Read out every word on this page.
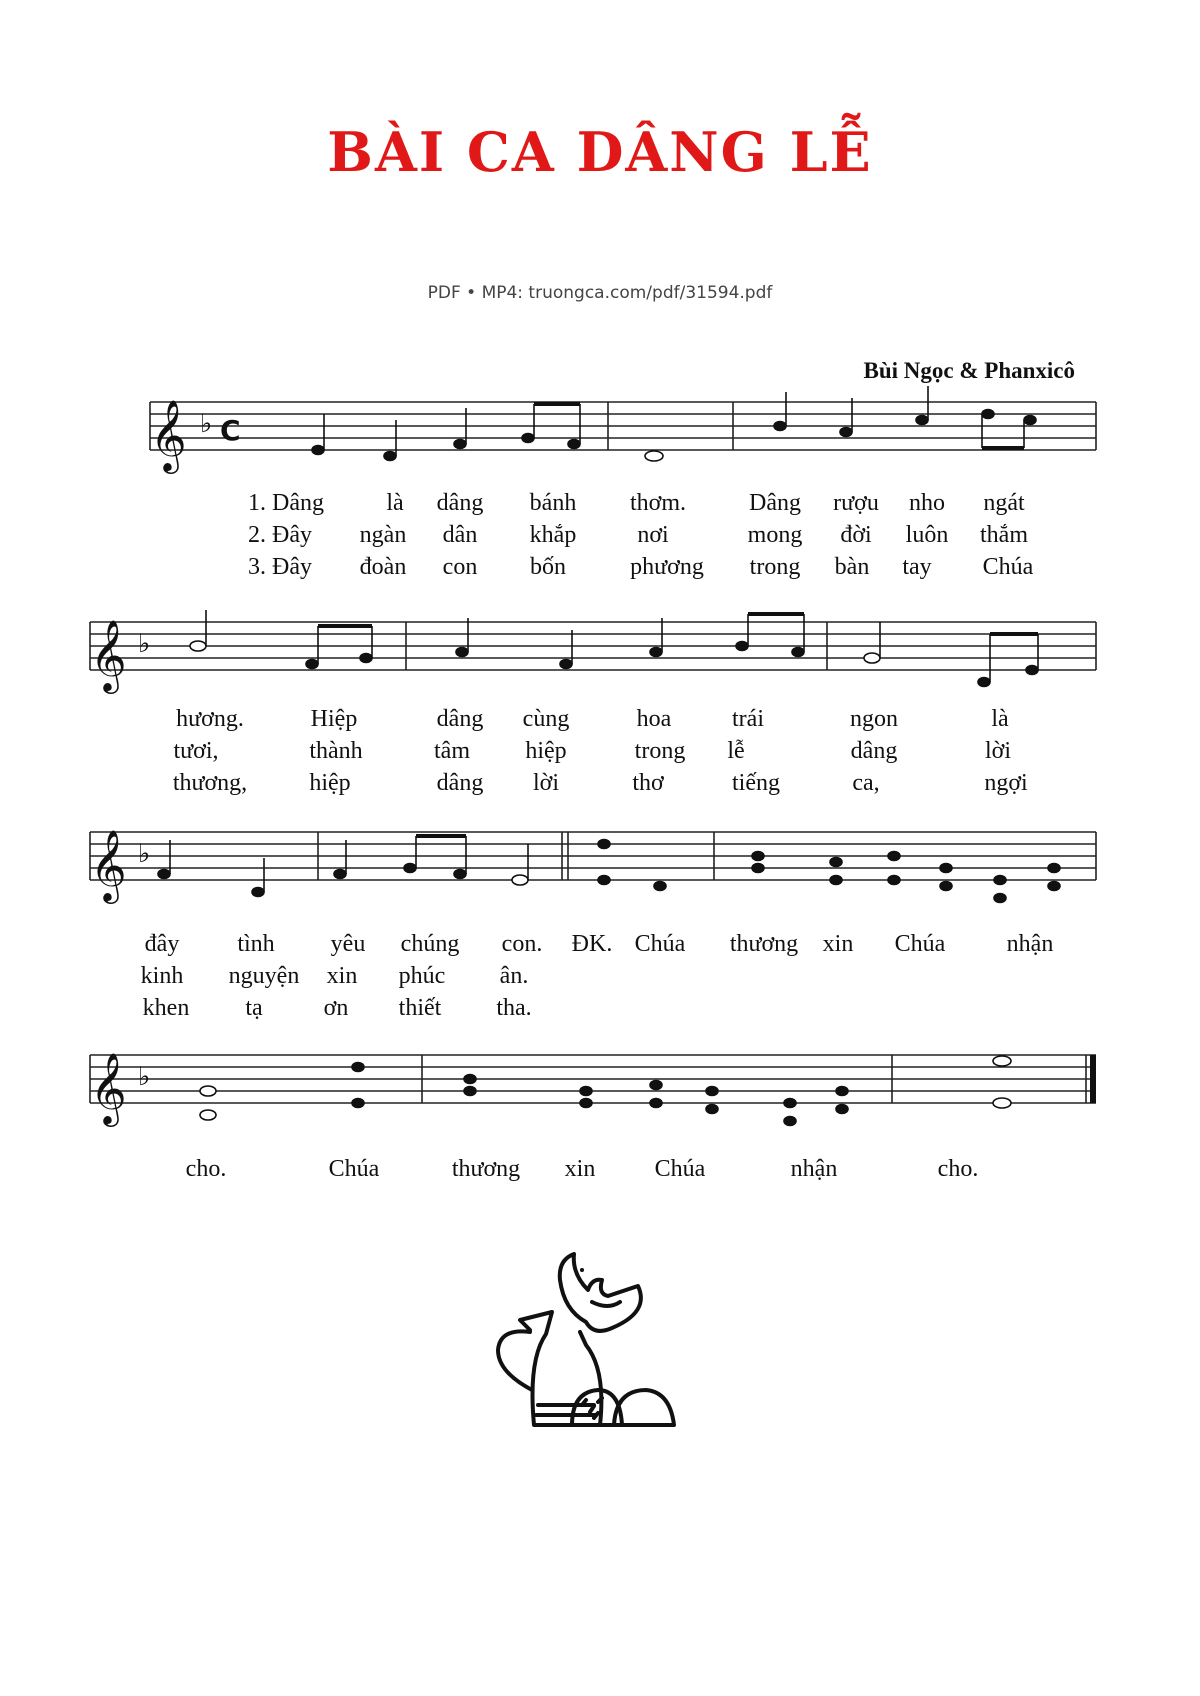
BÀI CA DÂNG LỄ
PDF • MP4: truongca.com/pdf/31594.pdf
Bùi Ngọc & Phanxicô
𝄞 ♭ C
𝄞 ♭
𝄞 ♭
𝄞 ♭
1. Dâng	là dâng bánh thơm.	Dâng rượu nho ngát
2. Đây ngàn dân khắp	nơi	mong đời luôn thắm
3. Đây đoàn con bốn	phương trong bàn tay Chúa
hương.	Hiệp	dâng cùng	hoa	trái	ngon	là
tươi,	thành	tâm hiệp	trong lễ	dâng	lời
thương,	hiệp	dâng lời	thơ	tiếng	ca,	ngợi
đây tình yêu chúng con. ĐK. Chúa thương xin Chúa	nhận
kinh nguyện xin phúc ân.
khen tạ	ơn thiết tha.
cho.	Chúa	thương xin Chúa	nhận	cho.
